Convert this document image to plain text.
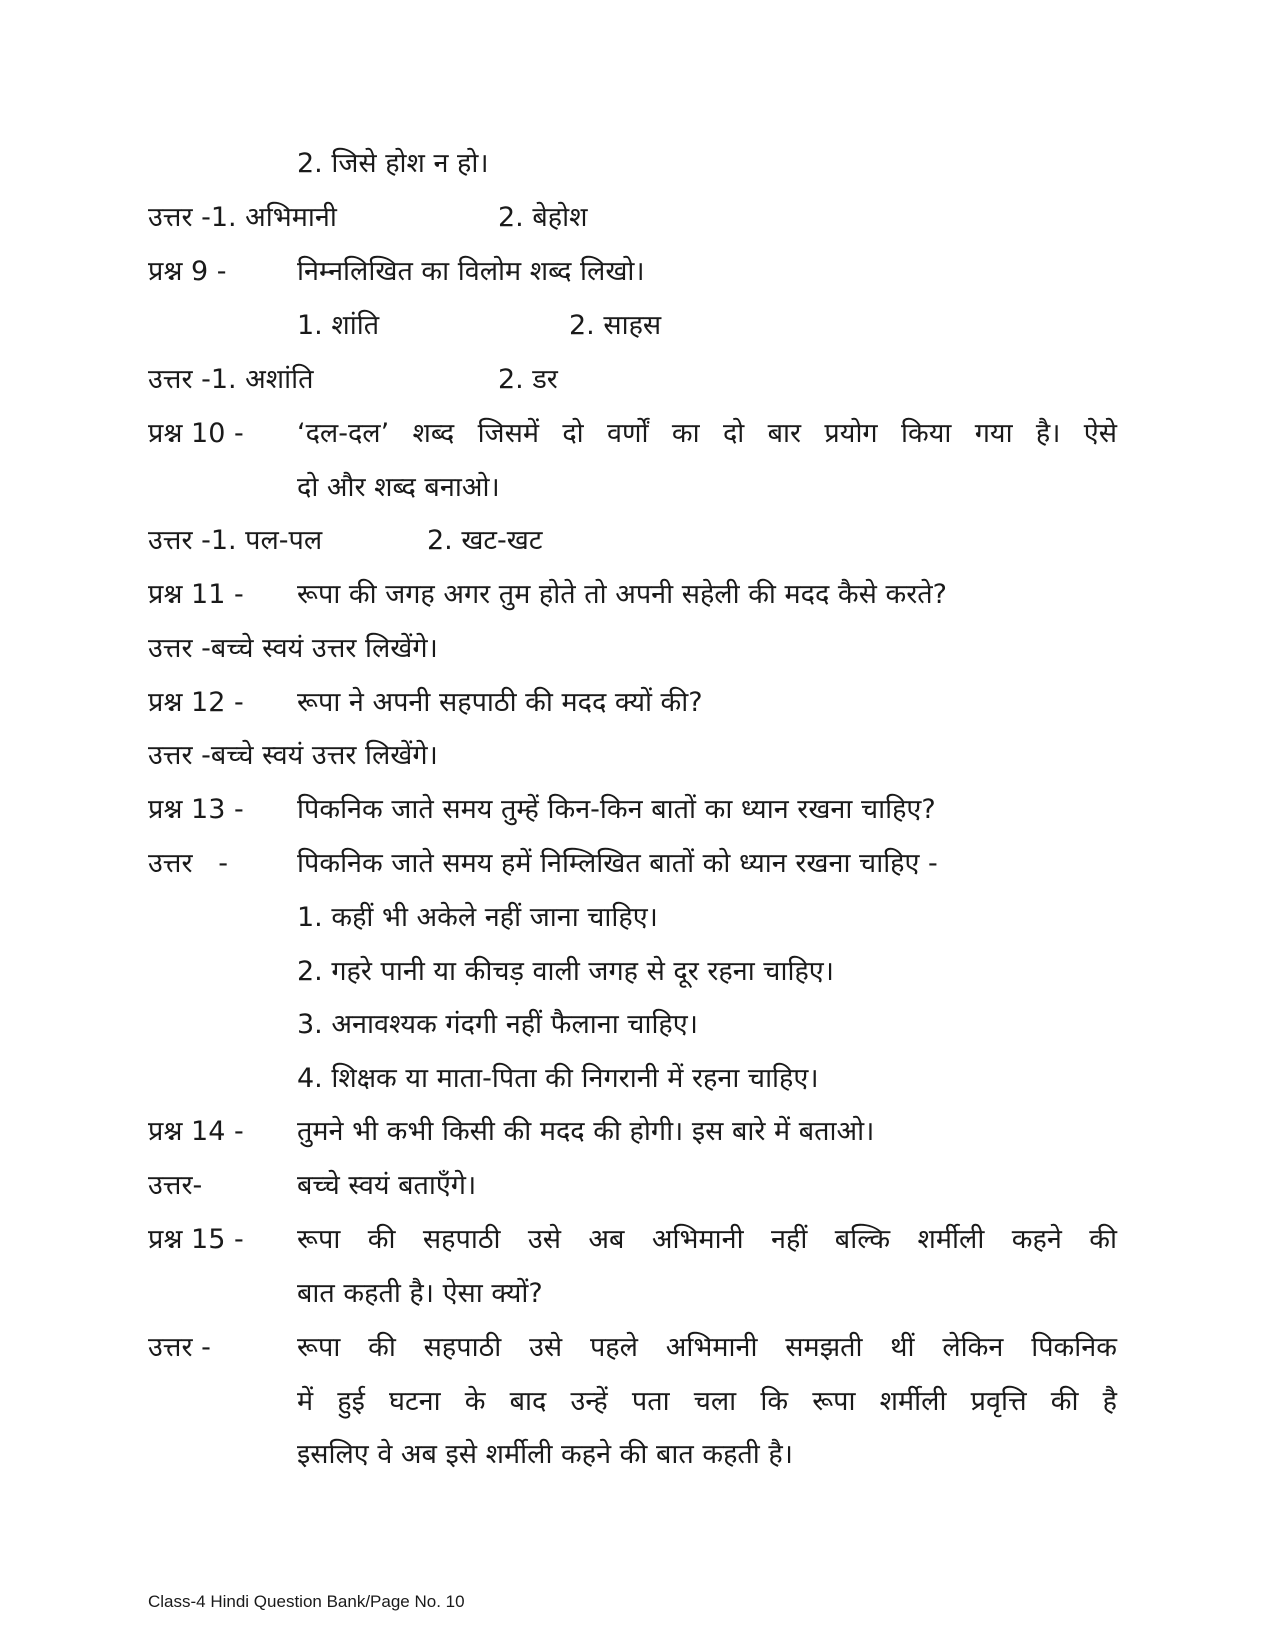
2. जिसे होश न हो।
उत्तर -1. अभिमानी	2. बेहोश
प्रश्न 9 -	निम्नलिखित का विलोम शब्द लिखो।
1. शांति	2. साहस
उत्तर -1. अशांति	2. डर
प्रश्न 10 - ‘दल-दल’ शब्द जिसमें दो वर्णों का दो बार प्रयोग किया गया है। ऐसे
दो और शब्द बनाओ।
उत्तर -1. पल-पल	2. खट-खट
प्रश्न 11 - रूपा की जगह अगर तुम होते तो अपनी सहेली की मदद कैसे करते?
उत्तर -बच्चे स्वयं उत्तर लिखेंगे।
प्रश्न 12 - रूपा ने अपनी सहपाठी की मदद क्यों की?
उत्तर -बच्चे स्वयं उत्तर लिखेंगे।
प्रश्न 13 - पिकनिक जाते समय तुम्हें किन-किन बातों का ध्यान रखना चाहिए?
उत्तर   -	पिकनिक जाते समय हमें निम्लिखित बातों को ध्यान रखना चाहिए -
1. कहीं भी अकेले नहीं जाना चाहिए।
2. गहरे पानी या कीचड़ वाली जगह से दूर रहना चाहिए।
3. अनावश्यक गंदगी नहीं फैलाना चाहिए।
4. शिक्षक या माता-पिता की निगरानी में रहना चाहिए।
प्रश्न 14 - तुमने भी कभी किसी की मदद की होगी। इस बारे में बताओ।
उत्तर-	बच्चे स्वयं बताएँगे।
प्रश्न 15 - रूपा की सहपाठी उसे अब अभिमानी नहीं बल्कि शर्मीली कहने की
बात कहती है। ऐसा क्यों?
उत्तर -	रूपा की सहपाठी उसे पहले अभिमानी समझती थीं लेकिन पिकनिक
में हुई घटना के बाद उन्हें पता चला कि रूपा शर्मीली प्रवृत्ति की है
इसलिए वे अब इसे शर्मीली कहने की बात कहती है।
Class-4 Hindi Question Bank/Page No. 10
